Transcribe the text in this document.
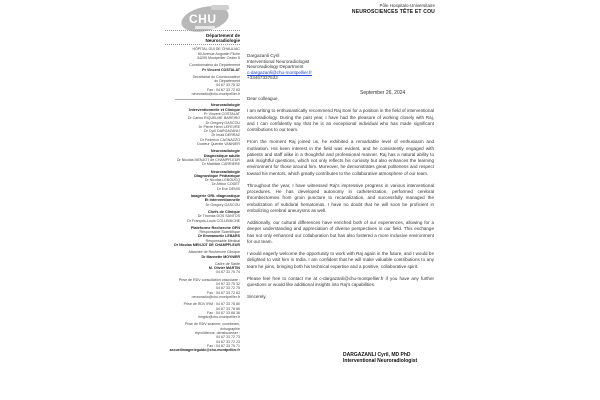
CHU
Pôle Hospitalo-Universitaire
NEUROSCIENCES TÊTE ET COU
Département de
Neuroradiologie
HÔPITAL GUI DE CHAULIAC
80 Avenue Augustin Fliche
34295 Montpellier Cedex 5
Coordonnateur du Département
Pr Vincent COSTALAT
Secrétariat du Coordonnateur
du Département
04 67 33 75 32
Fax : 04 67 33 72 63
neuroradio@chu-montpellier.fr
Neuroradiologie
Interventionnelle et Clinique
Pr Vincent COSTALAT
Dr Carlos RIQUELME BAREIRO
Dr Gregory GASCOU
Dr Pierre Henri LEFEVRE
Dr Cyril DARGAZANLI
Dr Imad DERRAZ
Dr Federico CAGNAZZO
Docteur Quentin VANNIER
Neuroradiologie
Diagnostique adulte
Dr Nicolas MENJOT de CHAMPFLEUR
Dr Mathilde CARRIERE
Neuroradiologie
Diagnostique Pédiatrique
Dr Nicolas LEBOUCQ
Dr Arthur COGET
Dr Eve DENIS
Imagerie ORL diagnostique
Et Interventionnelle
Dr Gregory GASCOU
Chefs de Clinique
Dr Thomas DOS SANTOS
Dr François-Louis COLLEMICHE
Plateforme Recherche GFN
Responsable Scientifique
Dr Emmanuelle LEBARS
Responsable Médical
Dr Nicolas MENJOT DE CHAMPFLEUR
Attachée de Recherche Clinique
Dr Mannette MOYNIER
Cadre de Santé
M. Olivier MARTIN
04 67 33 75 74
Prise de RDV consultation vasculaire :
04 67 33 75 32
04 67 33 72 75
Fax : 04 67 33 72 63
neuroradio@chu-montpellier.fr
Prise de RDV IRM : 04 67 33 78 80
04 67 33 78 86
Fax : 04 67 33 68 36
irmgdc@chu-montpellier.fr
Prise de RDV scanner, conebeam, échographie
thyroïdienne, densiscanner :
04 67 33 72 73
04 67 33 72 23
Fax : 04 67 33 75 71
accueilimagerieguidc@chu-montpellier.fr
Dargazanli Cyril
Interventional Neuroradiologist
Neuroradiology Department
c-dargazanli@chu-montpellier.fr
+33467337532
September 26, 2024
Dear colleague,

I am writing to enthusiastically recommend Raj Soni for a position in the field of interventional neuroradiology. During the past year, I have had the pleasure of working closely with Raj, and I can confidently say that he is an exceptional individual who has made significant contributions to our team.

From the moment Raj joined us, he exhibited a remarkable level of enthusiasm and motivation. His keen interest in the field was evident, and he consistently engaged with patients and staff alike in a thoughtful and professional manner. Raj has a natural ability to ask insightful questions, which not only reflects his curiosity but also enhances the learning environment for those around him. Moreover, he demonstrates great politeness and respect toward his mentors, which greatly contributes to the collaborative atmosphere of our team.

Throughout the year, I have witnessed Raj's impressive progress in various interventional procedures. He has developed autonomy in catheterization, performed cerebral thrombectomies from groin puncture to recanalization, and successfully managed the embolization of subdural hematomas. I have no doubt that he will soon be proficient in embolizing cerebral aneurysms as well.

Additionally, our cultural differences have enriched both of our experiences, allowing for a deeper understanding and appreciation of diverse perspectives in our field. This exchange has not only enhanced our collaboration but has also fostered a more inclusive environment for our team.

I would eagerly welcome the opportunity to work with Raj again in the future, and I would be delighted to visit him in India. I am confident that he will make valuable contributions to any team he joins, bringing both his technical expertise and a positive, collaborative spirit.

Please feel free to contact me at c-dargazanli@chu-montpellier.fr if you have any further questions or would like additional insights into Raj's capabilities.

Sincerely,

DARGAZANLI Cyril, MD PhD
Interventional Neuroradiologist
